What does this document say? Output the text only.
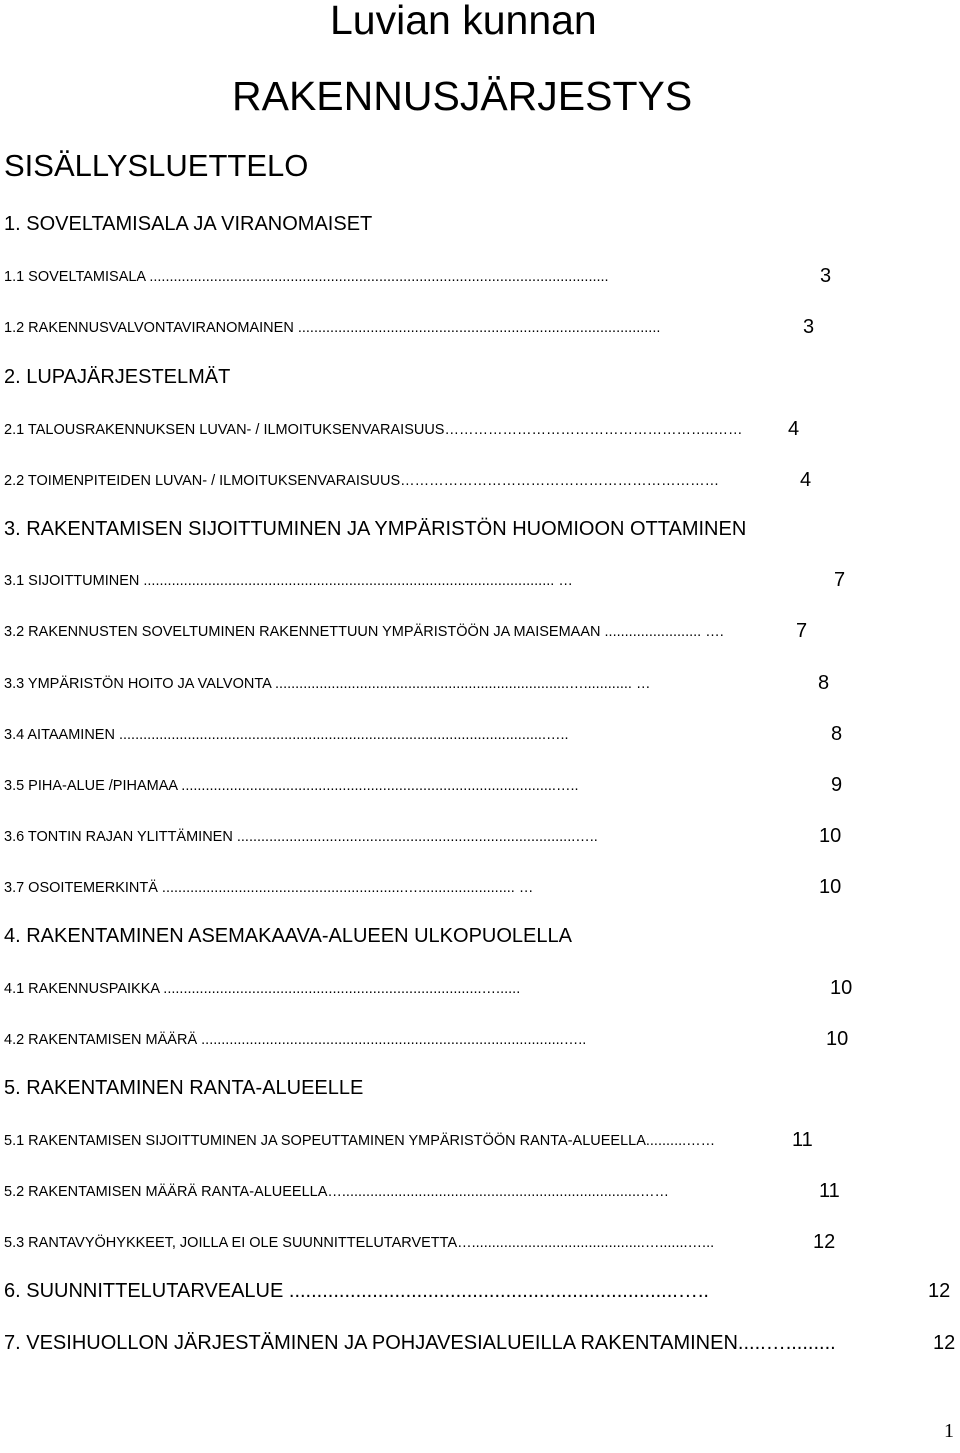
Luvian kunnan
RAKENNUSJÄRJESTYS
SISÄLLYSLUETTELO
1. SOVELTAMISALA JA VIRANOMAISET
1.1 SOVELTAMISALA ..................................................................................................................	3
1.2 RAKENNUSVALVONTAVIRANOMAINEN ..........................................................................................	3
2. LUPAJÄRJESTELMÄT
2.1 TALOUSRAKENNUKSEN LUVAN- / ILMOITUKSENVARAISUUS………………………………………………..……	4
2.2 TOIMENPITEIDEN LUVAN- / ILMOITUKSENVARAISUUS…………………………………………………………	4
3. RAKENTAMISEN SIJOITTUMINEN JA YMPÄRISTÖN HUOMIOON OTTAMINEN
3.1 SIJOITTUMINEN ...................................................................................................... …	7
3.2 RAKENNUSTEN SOVELTUMINEN RAKENNETTUUN YMPÄRISTÖÖN JA MAISEMAAN ........................ ….	7
3.3 YMPÄRISTÖN HOITO JA VALVONTA .........................................................................…............ …	8
3.4 AITAAMINEN ..........................................................................................................…..	8
3.5 PIHA-ALUE /PIHAMAA .............................................................................................…..	9
3.6 TONTIN RAJAN YLITTÄMINEN ....................................................................................…..	10
3.7 OSOITEMERKINTÄ ............................................................…........................ …	10
4. RAKENTAMINEN ASEMAKAAVA-ALUEEN ULKOPUOLELLA
4.1 RAKENNUSPAIKKA ...............................................................................…......	10
4.2 RAKENTAMISEN MÄÄRÄ ..........................................................................................…..	10
5. RAKENTAMINEN RANTA-ALUEELLE
5.1 RAKENTAMISEN SIJOITTUMINEN JA SOPEUTTAMINEN YMPÄRISTÖÖN RANTA-ALUEELLA..........……	11
5.2 RAKENTAMISEN MÄÄRÄ RANTA-ALUEELLA…..........................................................................……	11
5.3 RANTAVYÖHYKKEET, JOILLA EI OLE SUUNNITTELUTARVETTA…...........................................….......…...	12
6. SUUNNITTELUTARVEALUE ......................................................................…..	12
7. VESIHUOLLON JÄRJESTÄMINEN JA POHJAVESIALUEILLA RAKENTAMINEN.....….........	12
1
